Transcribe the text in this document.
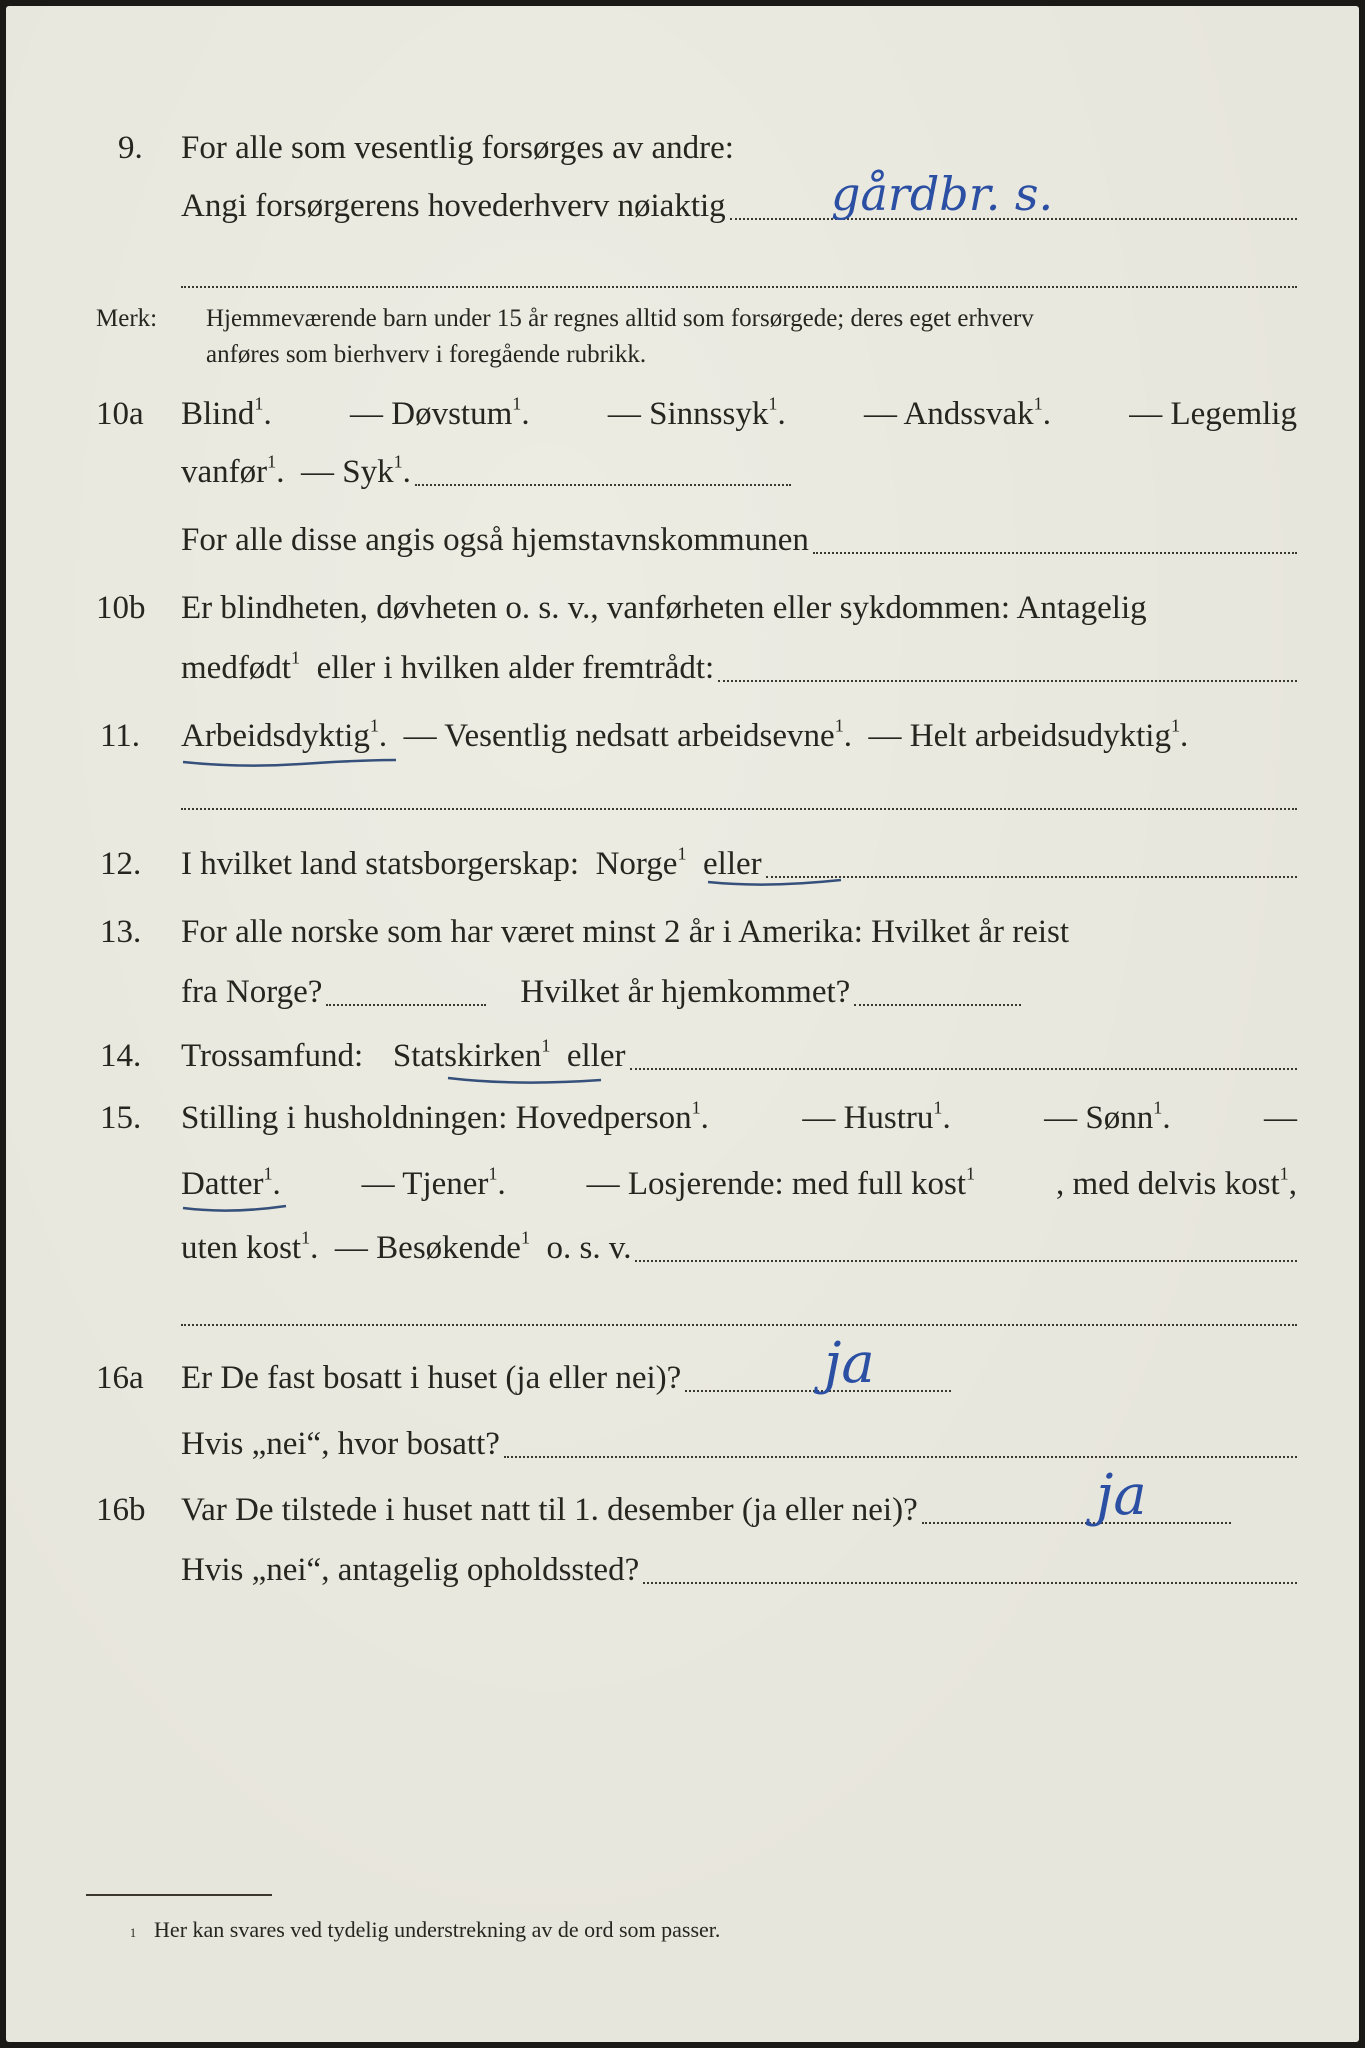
9.	For alle som vesentlig forsørges av andre:
Angi forsørgerens hovederhverv nøiaktig gårdbr. s.
Merk: Hjemmeværende barn under 15 år regnes alltid som forsørgede; deres eget erhverv
anføres som bierhverv i foregående rubrikk.
10a	Blind$^1$. — Døvstum$^1$. — Sinnssyk$^1$. — Andssvak$^1$. — Legemlig
vanfør$^1$. — Syk$^1$.
For alle disse angis også hjemstavnskommunen
10b	Er blindheten, døvheten o. s. v., vanførheten eller sykdommen: Antagelig
medfødt$^1$ eller i hvilken alder fremtrådt:
11.	Arbeidsdyktig$^1$. — Vesentlig nedsatt arbeidsevne$^1$. — Helt arbeidsudyktig$^1$.
12.	I hvilket land statsborgerskap: Norge$^1$ eller
13.	For alle norske som har været minst 2 år i Amerika: Hvilket år reist
fra Norge?	Hvilket år hjemkommet?
14.	Trossamfund: Statskirken$^1$ eller
15.	Stilling i husholdningen: Hovedperson$^1$.	— Hustru$^1$.	— Sønn$^1$.	—
Datter$^1$. — Tjener$^1$. — Losjerende: med full kost$^1$ , med delvis kost$^1$,
uten kost$^1$. — Besøkende$^1$ o. s. v.
16a	Er De fast bosatt i huset (ja eller nei)?	ja
Hvis „nei“, hvor bosatt?
16b	Var De tilstede i huset natt til 1. desember (ja eller nei)?	ja
Hvis „nei“, antagelig opholdssted?
1 Her kan svares ved tydelig understrekning av de ord som passer.
